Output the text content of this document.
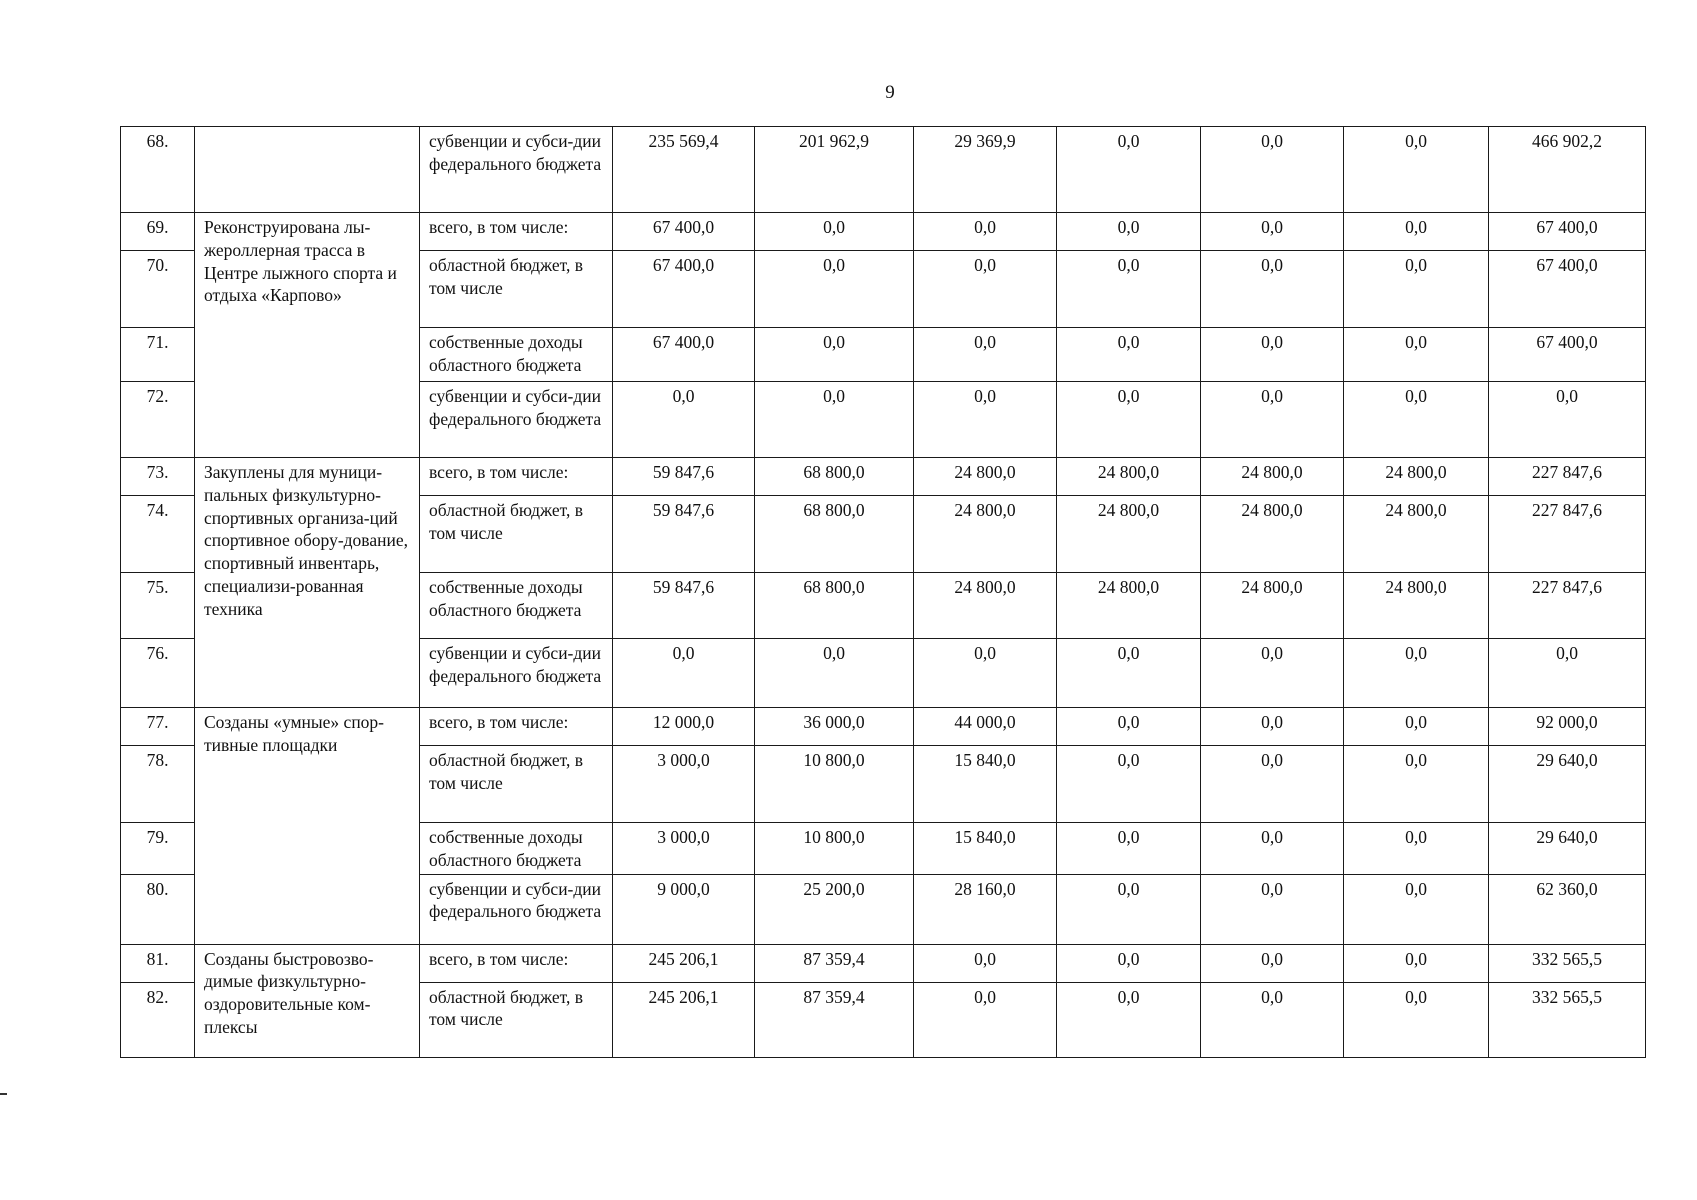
9
68.		субвенции и субси-дии федерального бюджета	235 569,4	201 962,9	29 369,9	0,0	0,0	0,0	466 902,2
69.	Реконструирована лы-жероллерная трасса в Центре лыжного спорта и отдыха «Карпово»	всего, в том числе:	67 400,0	0,0	0,0	0,0	0,0	0,0	67 400,0
70.		областной бюджет, в том числе	67 400,0	0,0	0,0	0,0	0,0	0,0	67 400,0
71.		собственные доходы областного бюджета	67 400,0	0,0	0,0	0,0	0,0	0,0	67 400,0
72.		субвенции и субси-дии федерального бюджета	0,0	0,0	0,0	0,0	0,0	0,0	0,0
73.	Закуплены для муници-пальных физкультурно-спортивных организа-ций спортивное обору-дование, спортивный инвентарь, специализи-рованная техника	всего, в том числе:	59 847,6	68 800,0	24 800,0	24 800,0	24 800,0	24 800,0	227 847,6
74.		областной бюджет, в том числе	59 847,6	68 800,0	24 800,0	24 800,0	24 800,0	24 800,0	227 847,6
75.		собственные доходы областного бюджета	59 847,6	68 800,0	24 800,0	24 800,0	24 800,0	24 800,0	227 847,6
76.		субвенции и субси-дии федерального бюджета	0,0	0,0	0,0	0,0	0,0	0,0	0,0
77.	Созданы «умные» спор-тивные площадки	всего, в том числе:	12 000,0	36 000,0	44 000,0	0,0	0,0	0,0	92 000,0
78.		областной бюджет, в том числе	3 000,0	10 800,0	15 840,0	0,0	0,0	0,0	29 640,0
79.		собственные доходы областного бюджета	3 000,0	10 800,0	15 840,0	0,0	0,0	0,0	29 640,0
80.		субвенции и субси-дии федерального бюджета	9 000,0	25 200,0	28 160,0	0,0	0,0	0,0	62 360,0
81.	Созданы быстровозво-димые физкультурно-оздоровительные ком-плексы	всего, в том числе:	245 206,1	87 359,4	0,0	0,0	0,0	0,0	332 565,5
82.		областной бюджет, в том числе	245 206,1	87 359,4	0,0	0,0	0,0	0,0	332 565,5
